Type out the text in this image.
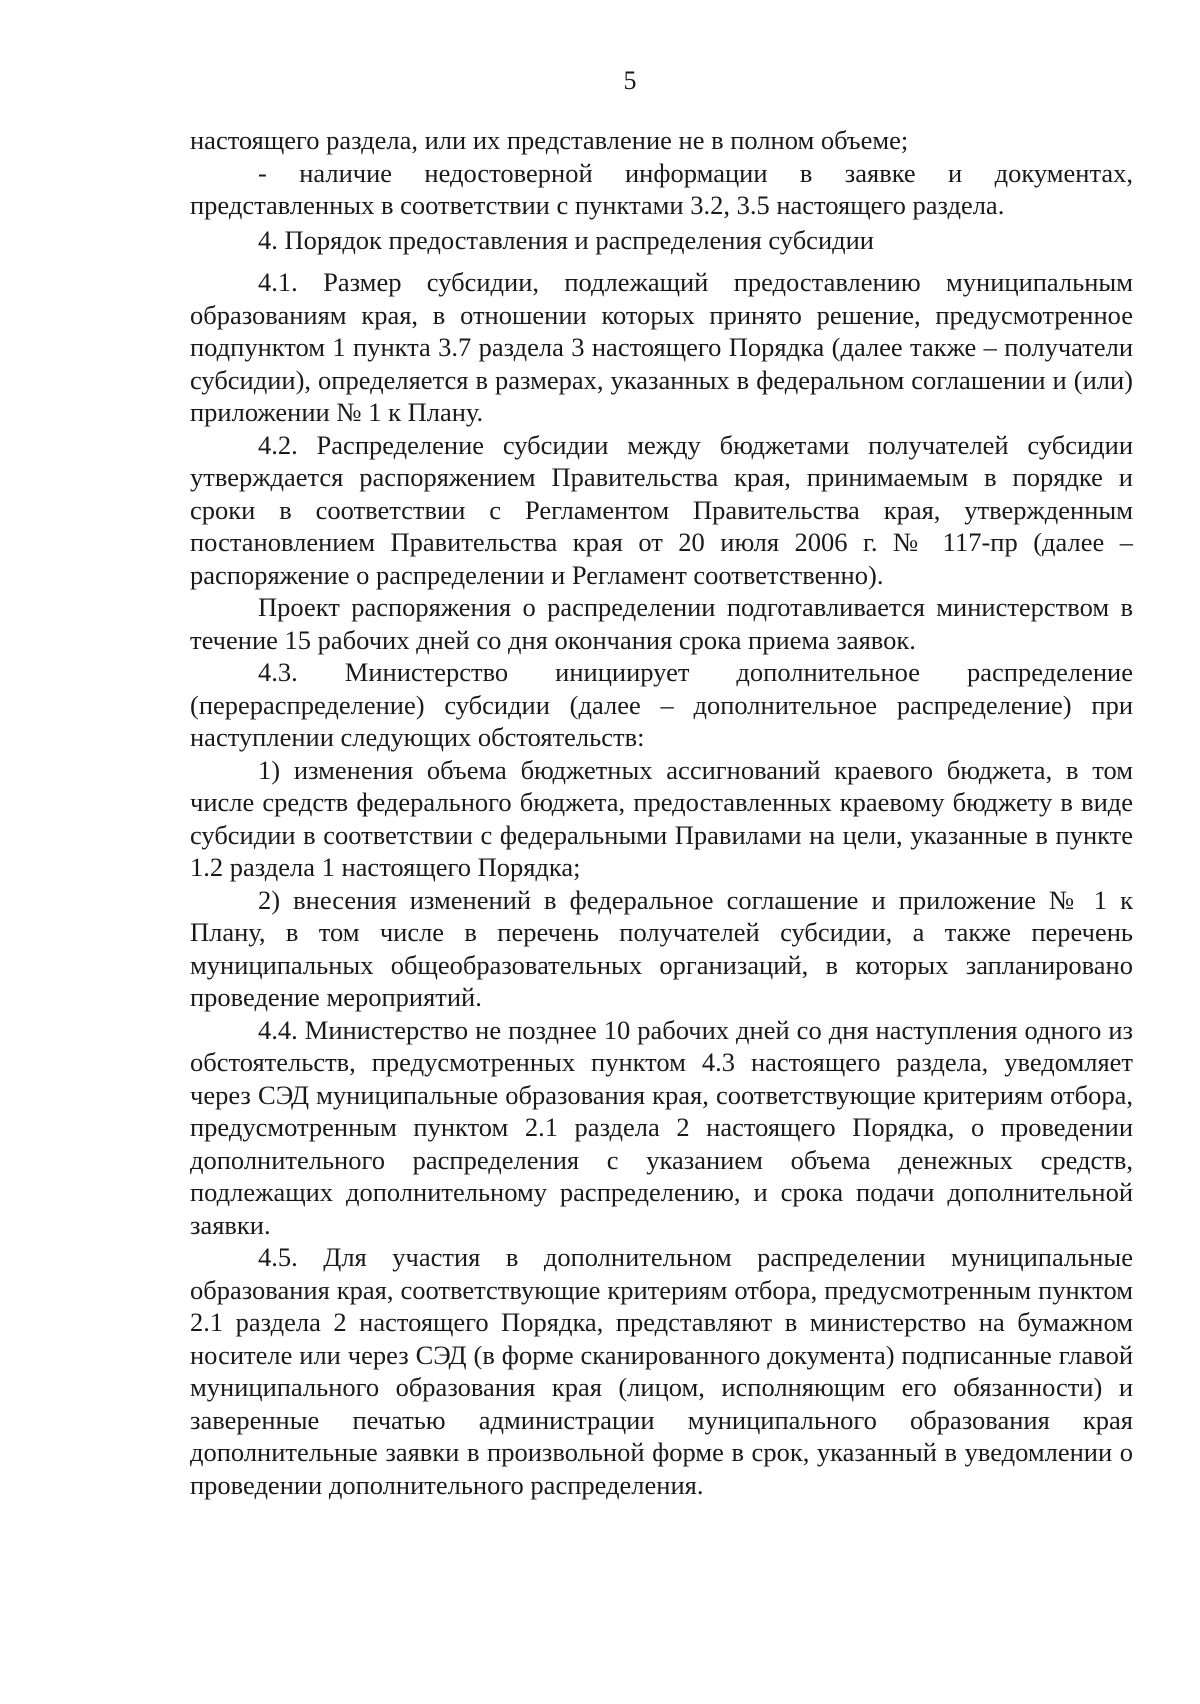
5

настоящего раздела, или их представление не в полном объеме;

- наличие недостоверной информации в заявке и документах, представленных в соответствии с пунктами 3.2, 3.5 настоящего раздела.

4. Порядок предоставления и распределения субсидии

4.1. Размер субсидии, подлежащий предоставлению муниципальным образованиям края, в отношении которых принято решение, предусмотренное подпунктом 1 пункта 3.7 раздела 3 настоящего Порядка (далее также – получатели субсидии), определяется в размерах, указанных в федеральном соглашении и (или) приложении № 1 к Плану.

4.2. Распределение субсидии между бюджетами получателей субсидии утверждается распоряжением Правительства края, принимаемым в порядке и сроки в соответствии с Регламентом Правительства края, утвержденным постановлением Правительства края от 20 июля 2006 г. № 117-пр (далее – распоряжение о распределении и Регламент соответственно).

Проект распоряжения о распределении подготавливается министерством в течение 15 рабочих дней со дня окончания срока приема заявок.

4.3. Министерство инициирует дополнительное распределение (перераспределение) субсидии (далее – дополнительное распределение) при наступлении следующих обстоятельств:

1) изменения объема бюджетных ассигнований краевого бюджета, в том числе средств федерального бюджета, предоставленных краевому бюджету в виде субсидии в соответствии с федеральными Правилами на цели, указанные в пункте 1.2 раздела 1 настоящего Порядка;

2) внесения изменений в федеральное соглашение и приложение № 1 к Плану, в том числе в перечень получателей субсидии, а также перечень муниципальных общеобразовательных организаций, в которых запланировано проведение мероприятий.

4.4. Министерство не позднее 10 рабочих дней со дня наступления одного из обстоятельств, предусмотренных пунктом 4.3 настоящего раздела, уведомляет через СЭД муниципальные образования края, соответствующие критериям отбора, предусмотренным пунктом 2.1 раздела 2 настоящего Порядка, о проведении дополнительного распределения с указанием объема денежных средств, подлежащих дополнительному распределению, и срока подачи дополнительной заявки.

4.5. Для участия в дополнительном распределении муниципальные образования края, соответствующие критериям отбора, предусмотренным пунктом 2.1 раздела 2 настоящего Порядка, представляют в министерство на бумажном носителе или через СЭД (в форме сканированного документа) подписанные главой муниципального образования края (лицом, исполняющим его обязанности) и заверенные печатью администрации муниципального образования края дополнительные заявки в произвольной форме в срок, указанный в уведомлении о проведении дополнительного распределения.
